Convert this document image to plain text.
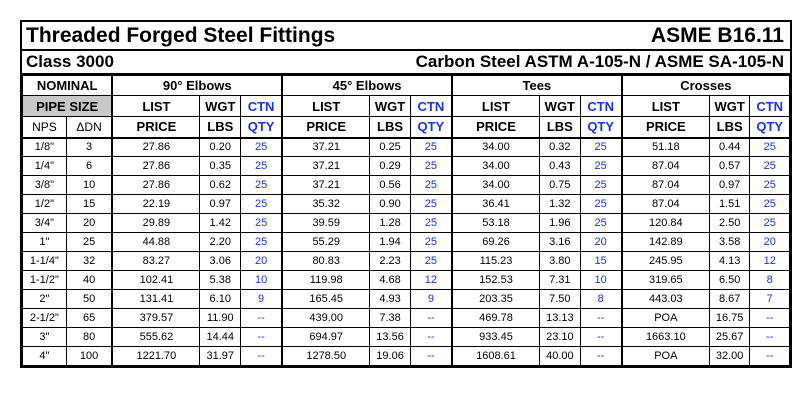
Threaded Forged Steel Fittings	ASME B16.11
Class 3000	Carbon Steel ASTM A-105-N / ASME SA-105-N
NOMINAL		90° Elbows			45° Elbows			Tees			Crosses		
PIPE SIZE		LIST	WGT	CTN	LIST	WGT	CTN	LIST	WGT	CTN	LIST	WGT	CTN
NPS	ΔDN	PRICE	LBS	QTY	PRICE	LBS	QTY	PRICE	LBS	QTY	PRICE	LBS	QTY
1/8"	3	27.86	0.20	25	37.21	0.25	25	34.00	0.32	25	51.18	0.44	25
1/4"	6	27.86	0.35	25	37.21	0.29	25	34.00	0.43	25	87.04	0.57	25
3/8"	10	27.86	0.62	25	37.21	0.56	25	34.00	0.75	25	87.04	0.97	25
1/2"	15	22.19	0.97	25	35.32	0.90	25	36.41	1.32	25	87.04	1.51	25
3/4"	20	29.89	1.42	25	39.59	1.28	25	53.18	1.96	25	120.84	2.50	25
1"	25	44.88	2.20	25	55.29	1.94	25	69.26	3.16	20	142.89	3.58	20
1-1/4"	32	83.27	3.06	20	80.83	2.23	25	115.23	3.80	15	245.95	4.13	12
1-1/2"	40	102.41	5.38	10	119.98	4.68	12	152.53	7.31	10	319.65	6.50	8
2"	50	131.41	6.10	9	165.45	4.93	9	203.35	7.50	8	443.03	8.67	7
2-1/2"	65	379.57	11.90	--	439.00	7.38	--	469.78	13.13	--	POA	16.75	--
3"	80	555.62	14.44	--	694.97	13.56	--	933.45	23.10	--	1663.10	25.67	--
4"	100	1221.70	31.97	--	1278.50	19.06	--	1608.61	40.00	--	POA	32.00	--
